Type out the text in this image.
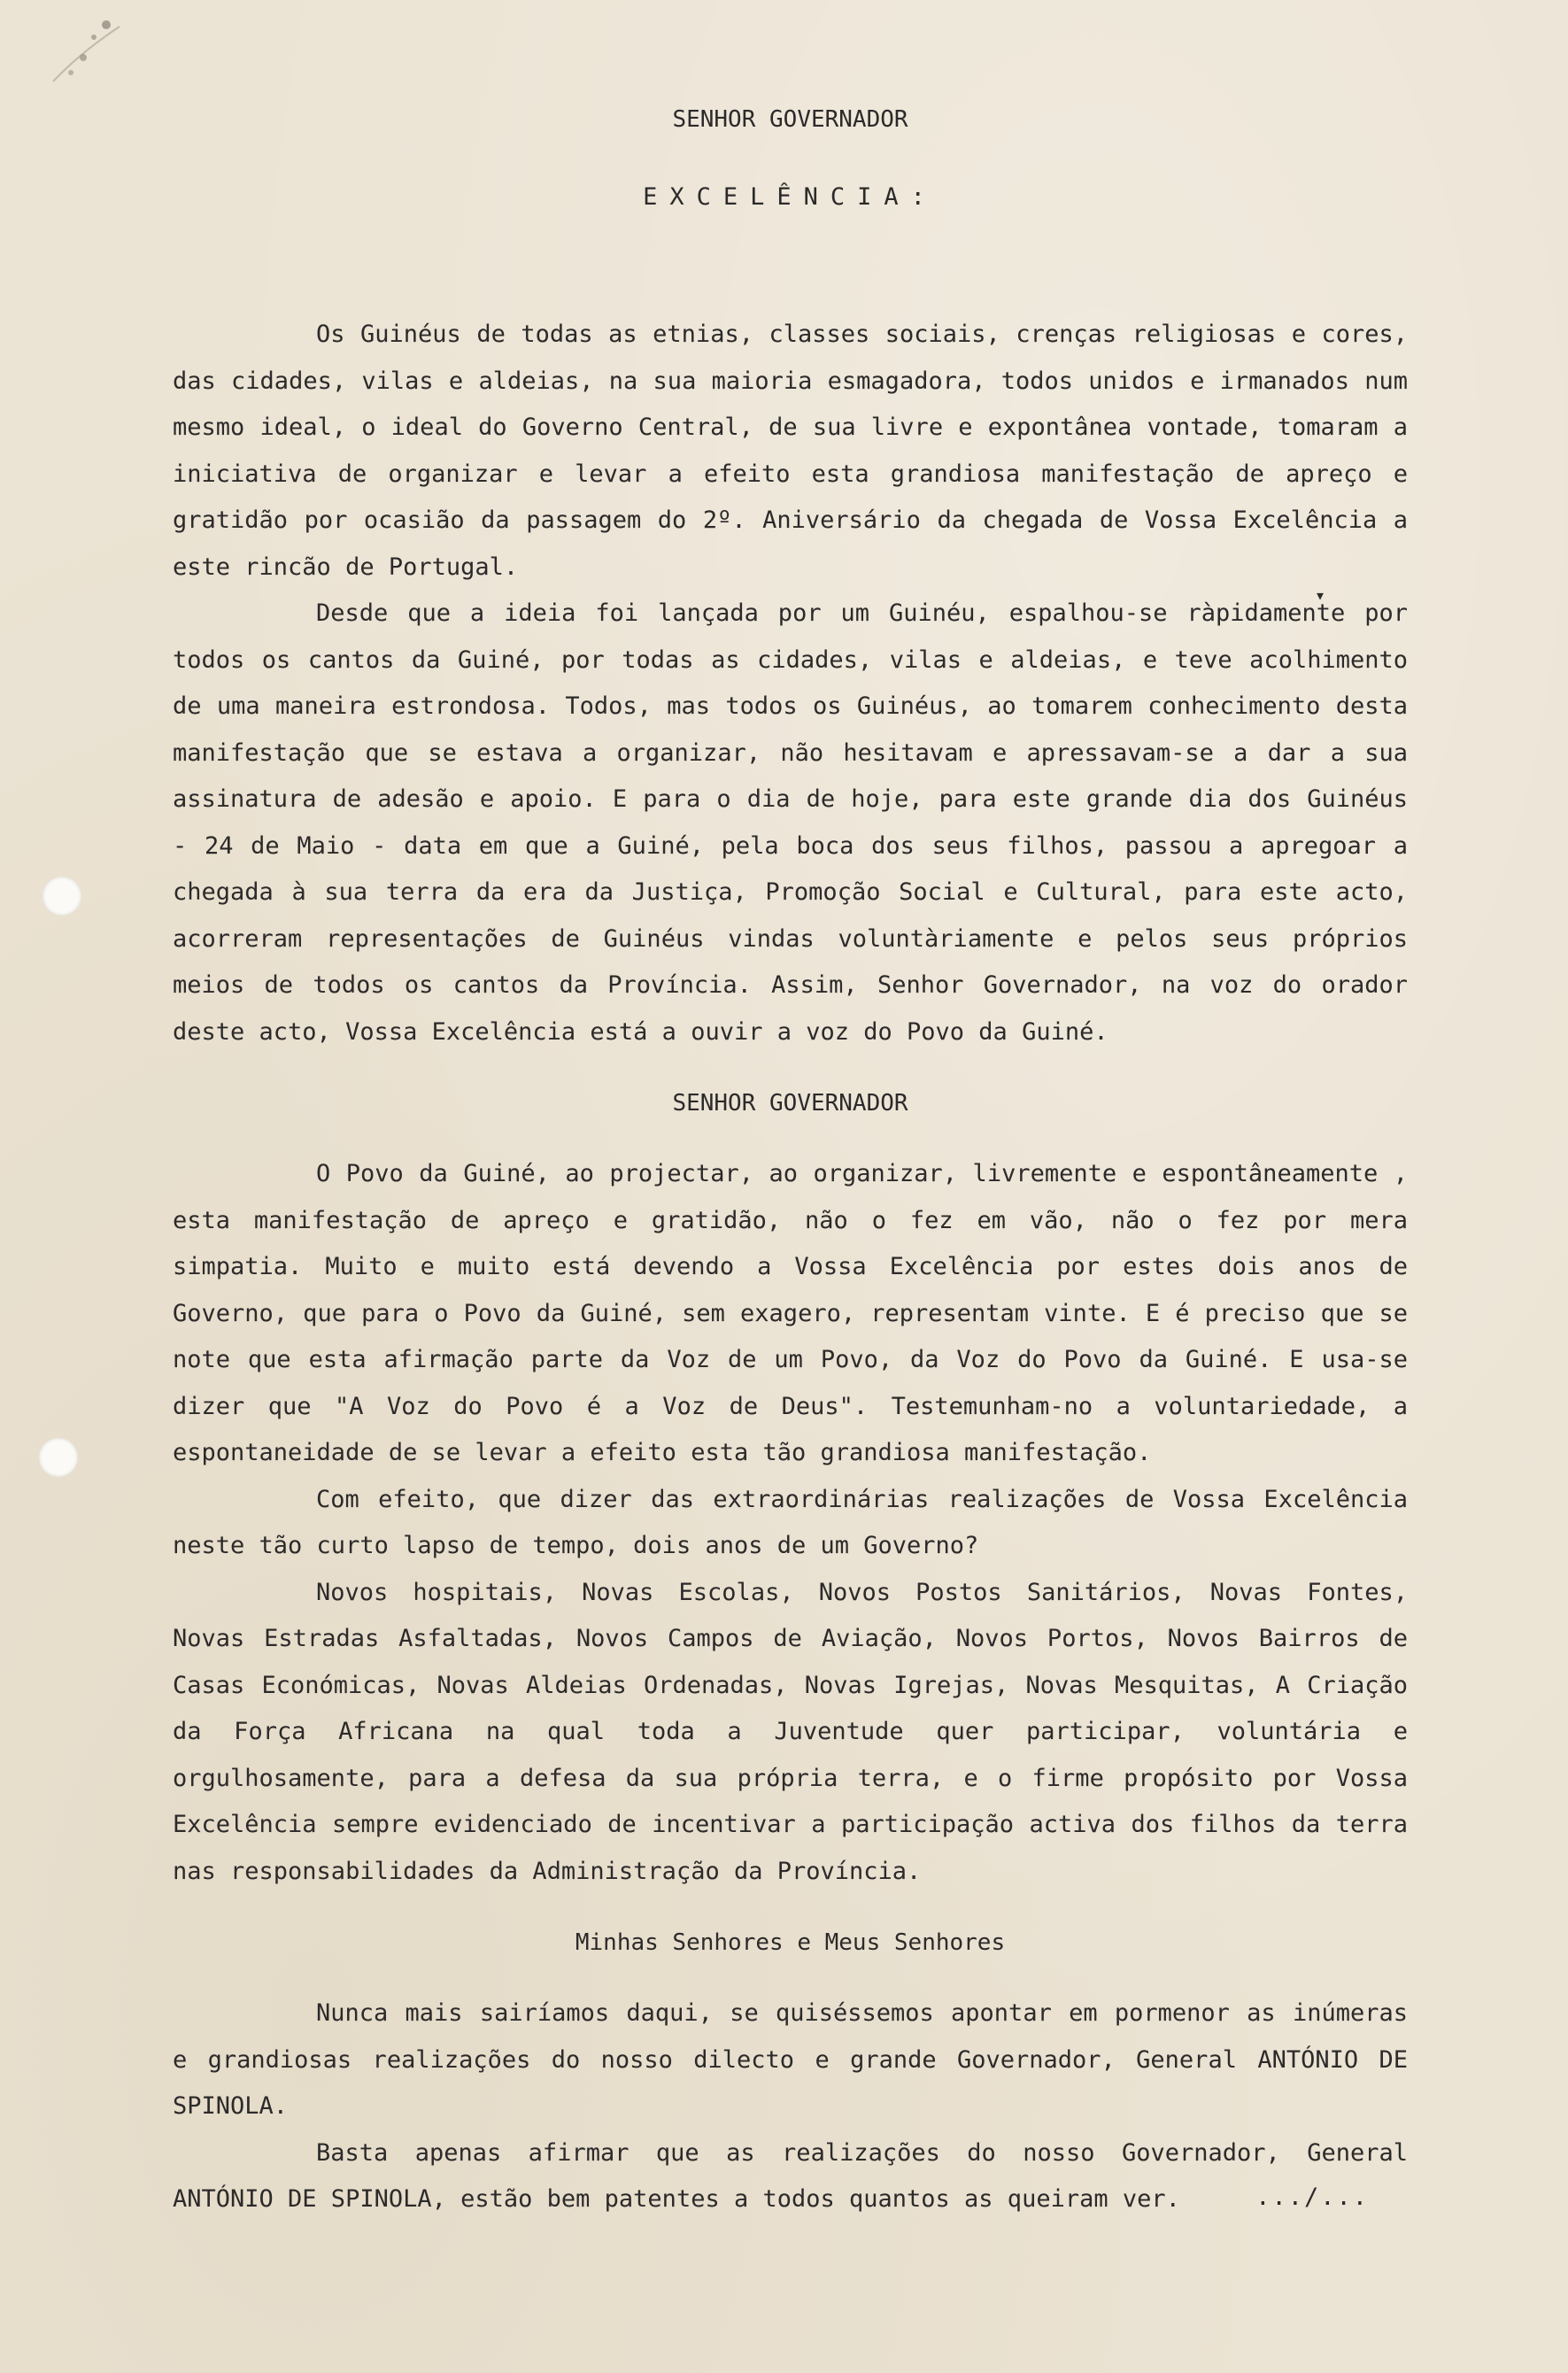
▾

SENHOR GOVERNADOR

EXCELÊNCIA:

Os Guinéus de todas as etnias, classes sociais, crenças religiosas e cores, das cidades, vilas e aldeias, na sua maioria esmagadora, todos unidos e irmanados num mesmo ideal, o ideal do Governo Central, de sua livre e expontânea vontade, tomaram a iniciativa de organizar e levar a efeito esta grandiosa manifestação de apreço e gratidão por ocasião da passagem do 2º. Aniversário da chegada de Vossa Excelência a este rincão de Portugal.

Desde que a ideia foi lançada por um Guinéu, espalhou-se ràpidamente por todos os cantos da Guiné, por todas as cidades, vilas e aldeias, e teve acolhimento de uma maneira estrondosa. Todos, mas todos os Guinéus, ao tomarem conhecimento desta manifestação que se estava a organizar, não hesitavam e apressavam-se a dar a sua assinatura de adesão e apoio. E para o dia de hoje, para este grande dia dos Guinéus - 24 de Maio - data em que a Guiné, pela boca dos seus filhos, passou a apregoar a chegada à sua terra da era da Justiça, Promoção Social e Cultural, para este acto, acorreram representações de Guinéus vindas voluntàriamente e pelos seus próprios meios de todos os cantos da Província. Assim, Senhor Governador, na voz do orador deste acto, Vossa Excelência está a ouvir a voz do Povo da Guiné.

SENHOR GOVERNADOR

O Povo da Guiné, ao projectar, ao organizar, livremente e espontâneamente , esta manifestação de apreço e gratidão, não o fez em vão, não o fez por mera simpatia. Muito e muito está devendo a Vossa Excelência por estes dois anos de Governo, que para o Povo da Guiné, sem exagero, representam vinte. E é preciso que se note que esta afirmação parte da Voz de um Povo, da Voz do Povo da Guiné. E usa-se dizer que "A Voz do Povo é a Voz de Deus". Testemunham-no a voluntariedade, a espontaneidade de se levar a efeito esta tão grandiosa manifestação.

Com efeito, que dizer das extraordinárias realizações de Vossa Excelência neste tão curto lapso de tempo, dois anos de um Governo?

Novos hospitais, Novas Escolas, Novos Postos Sanitários, Novas Fontes, Novas Estradas Asfaltadas, Novos Campos de Aviação, Novos Portos, Novos Bairros de Casas Económicas, Novas Aldeias Ordenadas, Novas Igrejas, Novas Mesquitas, A Criação da Força Africana na qual toda a Juventude quer participar, voluntária e orgulhosamente, para a defesa da sua própria terra, e o firme propósito por Vossa Excelência sempre evidenciado de incentivar a participação activa dos filhos da terra nas responsabilidades da Administração da Província.

Minhas Senhores e Meus Senhores

Nunca mais sairíamos daqui, se quiséssemos apontar em pormenor as inúmeras e grandiosas realizações do nosso dilecto e grande Governador, General ANTÓNIO DE SPINOLA.

Basta apenas afirmar que as realizações do nosso Governador, General ANTÓNIO DE SPINOLA, estão bem patentes a todos quantos as queiram ver.	.../...
